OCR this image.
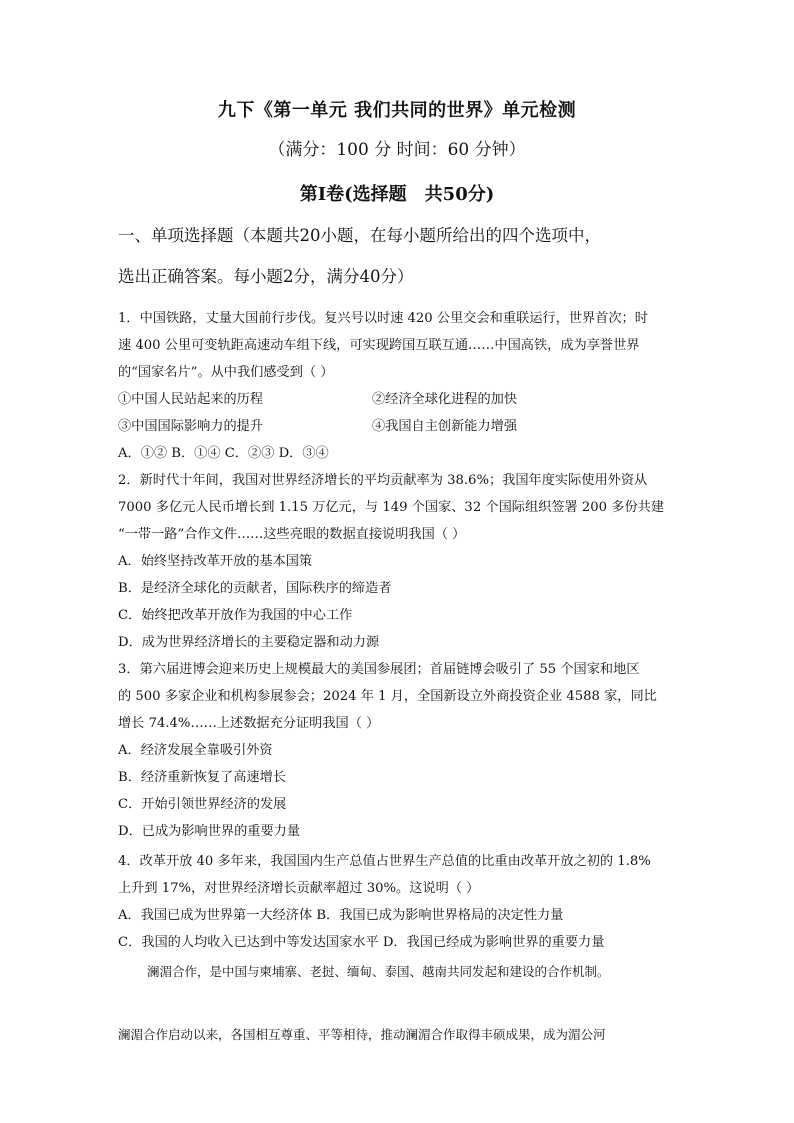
九下《第一单元 我们共同的世界》单元检测
（满分：100 分 时间：60 分钟）
第Ⅰ卷(选择题　共50分)
一、单项选择题（本题共20小题，在每小题所给出的四个选项中，
选出正确答案。每小题2分，满分40分）
1．中国铁路，丈量大国前行步伐。复兴号以时速 420 公里交会和重联运行，世界首次；时
速 400 公里可变轨距高速动车组下线，可实现跨国互联互通……中国高铁，成为享誉世界
的“国家名片”。从中我们感受到（ ）
①中国人民站起来的历程	②经济全球化进程的加快
③中国国际影响力的提升	④我国自主创新能力增强
A．①② B．①④ C．②③ D．③④
2．新时代十年间，我国对世界经济增长的平均贡献率为 38.6%；我国年度实际使用外资从
7000 多亿元人民币增长到 1.15 万亿元，与 149 个国家、32 个国际组织签署 200 多份共建
“一带一路”合作文件……这些亮眼的数据直接说明我国（ ）
A．始终坚持改革开放的基本国策
B．是经济全球化的贡献者，国际秩序的缔造者
C．始终把改革开放作为我国的中心工作
D．成为世界经济增长的主要稳定器和动力源
3．第六届进博会迎来历史上规模最大的美国参展团；首届链博会吸引了 55 个国家和地区
的 500 多家企业和机构参展参会；2024 年 1 月，全国新设立外商投资企业 4588 家，同比
增长 74.4%……上述数据充分证明我国（ ）
A．经济发展全靠吸引外资
B．经济重新恢复了高速增长
C．开始引领世界经济的发展
D．已成为影响世界的重要力量
4．改革开放 40 多年来，我国国内生产总值占世界生产总值的比重由改革开放之初的 1.8%
上升到 17%，对世界经济增长贡献率超过 30%。这说明（ ）
A．我国已成为世界第一大经济体 B．我国已成为影响世界格局的决定性力量
C．我国的人均收入已达到中等发达国家水平 D．我国已经成为影响世界的重要力量
澜湄合作，是中国与柬埔寨、老挝、缅甸、泰国、越南共同发起和建设的合作机制。
澜湄合作启动以来，各国相互尊重、平等相待，推动澜湄合作取得丰硕成果，成为湄公河
